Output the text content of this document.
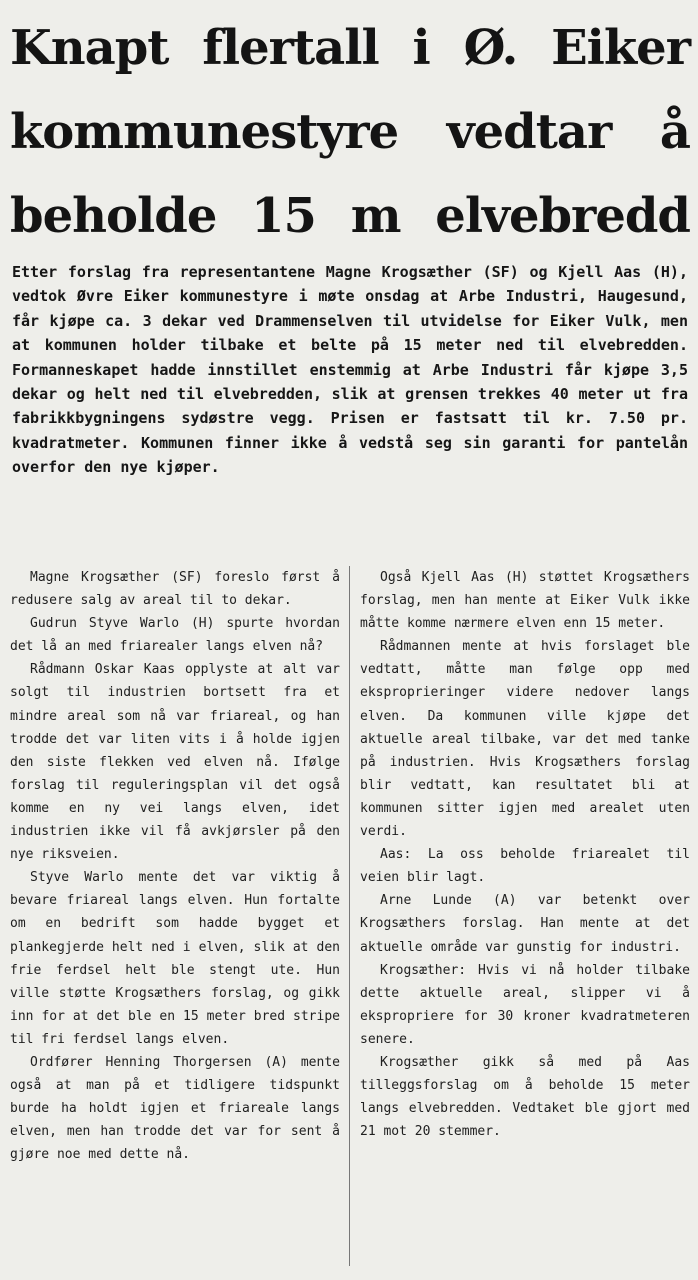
Knapt flertall i Ø. Eiker
kommunestyre vedtar å
beholde 15 m elvebredd

Etter forslag fra representantene Magne Krogsæther (SF) og Kjell Aas (H), vedtok Øvre Eiker kommunestyre i møte onsdag at Arbe Industri, Haugesund, får kjøpe ca. 3 dekar ved Drammenselven til utvidelse for Eiker Vulk, men at kommunen holder tilbake et belte på 15 meter ned til elvebredden. Formanneskapet hadde innstillet enstemmig at Arbe Industri får kjøpe 3,5 dekar og helt ned til elvebredden, slik at grensen trekkes 40 meter ut fra fabrikkbygningens sydøstre vegg. Prisen er fastsatt til kr. 7.50 pr. kvadratmeter. Kommunen finner ikke å vedstå seg sin garanti for pantelån overfor den nye kjøper.

Magne Krogsæther (SF) foreslo først å redusere salg av areal til to dekar.

Gudrun Styve Warlo (H) spurte hvordan det lå an med friarealer langs elven nå?

Rådmann Oskar Kaas opplyste at alt var solgt til industrien bortsett fra et mindre areal som nå var friareal, og han trodde det var liten vits i å holde igjen den siste flekken ved elven nå. Ifølge forslag til reguleringsplan vil det også komme en ny vei langs elven, idet industrien ikke vil få avkjørsler på den nye riksveien.

Styve Warlo mente det var viktig å bevare friareal langs elven. Hun fortalte om en bedrift som hadde bygget et plankegjerde helt ned i elven, slik at den frie ferdsel helt ble stengt ute. Hun ville støtte Krogsæthers forslag, og gikk inn for at det ble en 15 meter bred stripe til fri ferdsel langs elven.

Ordfører Henning Thorgersen (A) mente også at man på et tidligere tidspunkt burde ha holdt igjen et friareale langs elven, men han trodde det var for sent å gjøre noe med dette nå.

Også Kjell Aas (H) støttet Krogsæthers forslag, men han mente at Eiker Vulk ikke måtte komme nærmere elven enn 15 meter.

Rådmannen mente at hvis forslaget ble vedtatt, måtte man følge opp med eksproprieringer videre nedover langs elven. Da kommunen ville kjøpe det aktuelle areal tilbake, var det med tanke på industrien. Hvis Krogsæthers forslag blir vedtatt, kan resultatet bli at kommunen sitter igjen med arealet uten verdi.

Aas: La oss beholde friarealet til veien blir lagt.

Arne Lunde (A) var betenkt over Krogsæthers forslag. Han mente at det aktuelle område var gunstig for industri.

Krogsæther: Hvis vi nå holder tilbake dette aktuelle areal, slipper vi å ekspropriere for 30 kroner kvadratmeteren senere.

Krogsæther gikk så med på Aas tilleggsforslag om å beholde 15 meter langs elvebredden. Vedtaket ble gjort med 21 mot 20 stemmer.
